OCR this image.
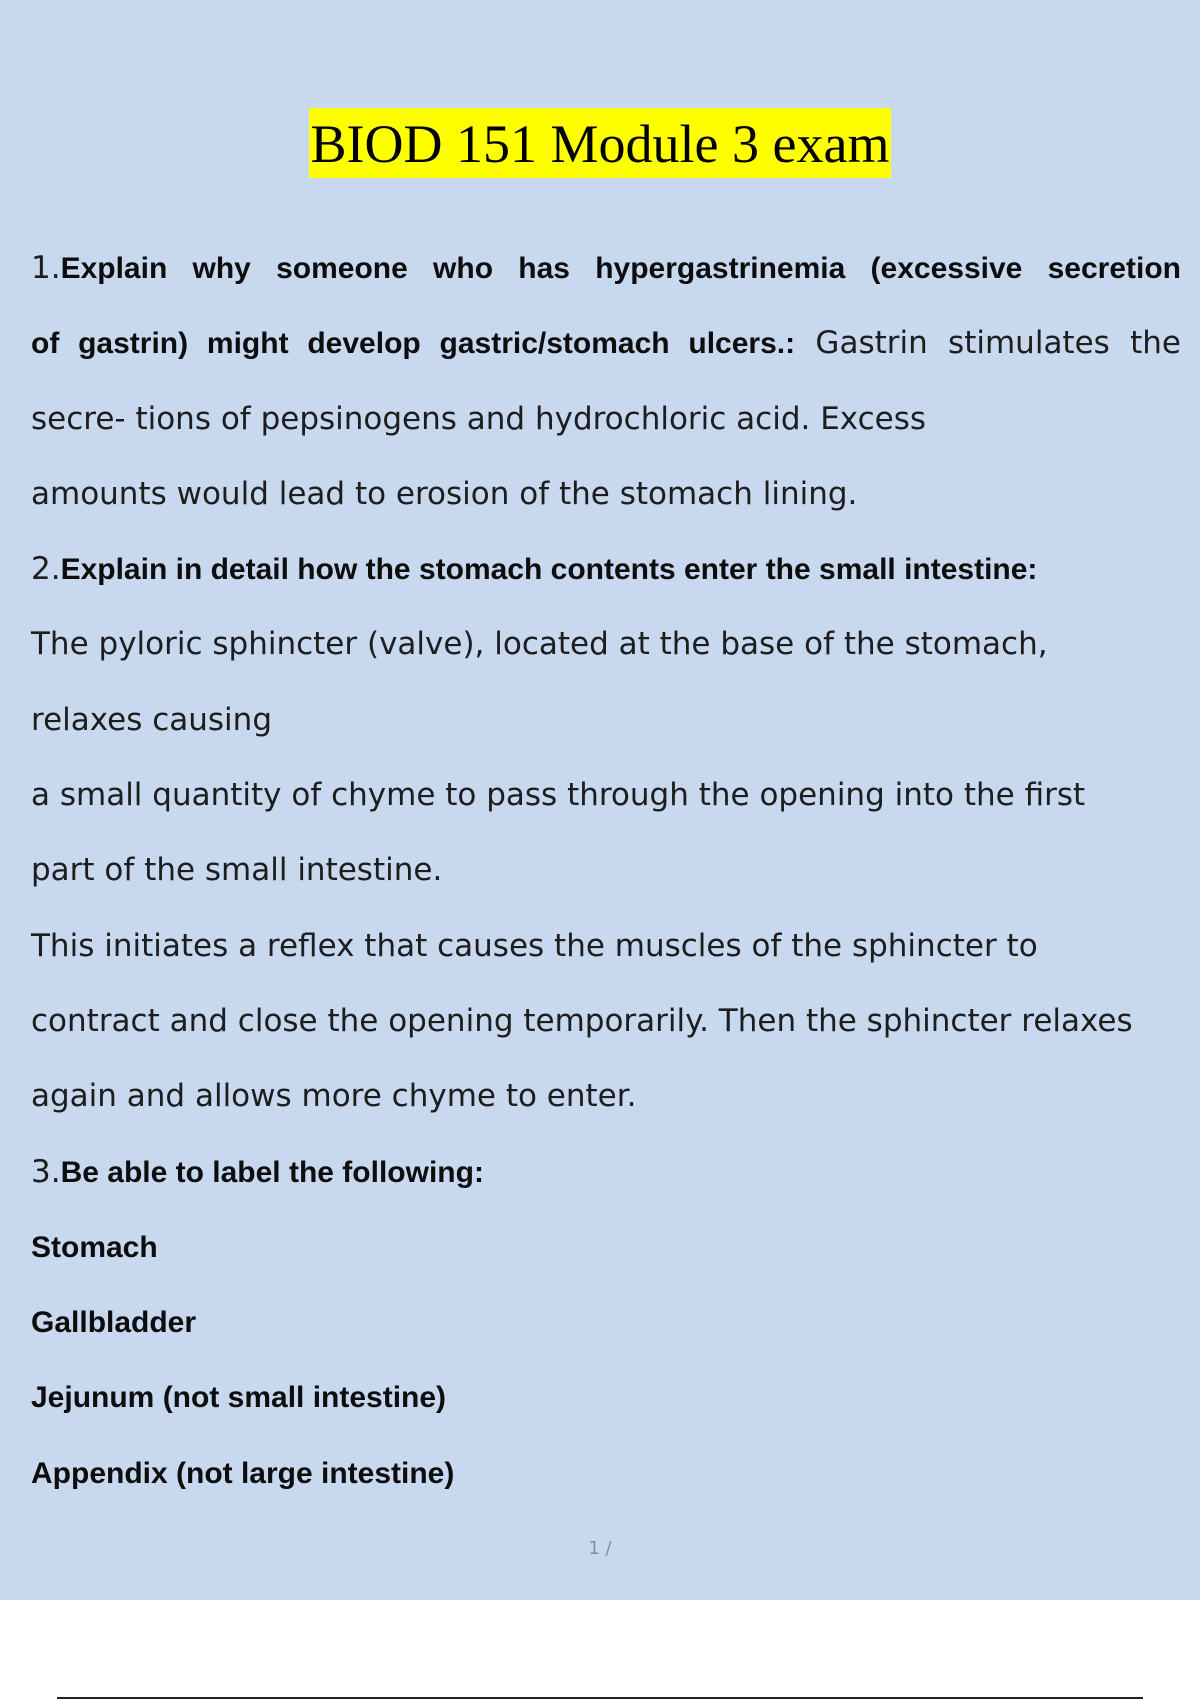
BIOD 151 Module 3 exam
1.Explain why someone who has hypergastrinemia (excessive secretion
of gastrin) might develop gastric/stomach ulcers.: Gastrin stimulates the
secre- tions of pepsinogens and hydrochloric acid. Excess
amounts would lead to erosion of the stomach lining.
2.Explain in detail how the stomach contents enter the small intestine:
The pyloric sphincter (valve), located at the base of the stomach,
relaxes causing
a small quantity of chyme to pass through the opening into the first
part of the small intestine.
This initiates a reflex that causes the muscles of the sphincter to
contract and close the opening temporarily. Then the sphincter relaxes
again and allows more chyme to enter.
3.Be able to label the following:
Stomach
Gallbladder
Jejunum (not small intestine)
Appendix (not large intestine)
1 /
